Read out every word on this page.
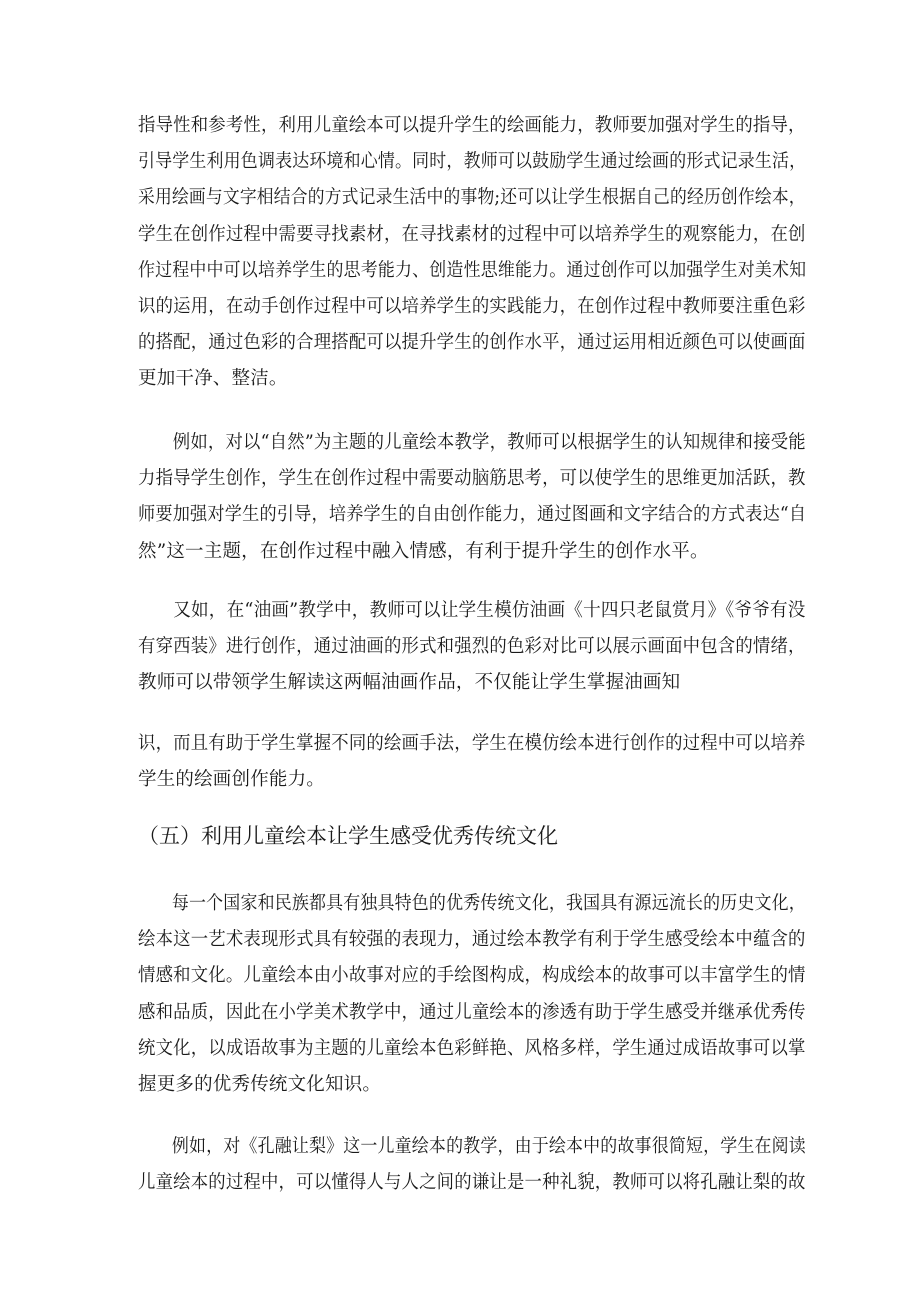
指导性和参考性，利用儿童绘本可以提升学生的绘画能力，教师要加强对学生的指导，
引导学生利用色调表达环境和心情。同时，教师可以鼓励学生通过绘画的形式记录生活，
采用绘画与文字相结合的方式记录生活中的事物;还可以让学生根据自己的经历创作绘本，
学生在创作过程中需要寻找素材，在寻找素材的过程中可以培养学生的观察能力，在创
作过程中中可以培养学生的思考能力、创造性思维能力。通过创作可以加强学生对美术知
识的运用，在动手创作过程中可以培养学生的实践能力，在创作过程中教师要注重色彩
的搭配，通过色彩的合理搭配可以提升学生的创作水平，通过运用相近颜色可以使画面
更加干净、整洁。
例如，对以“自然”为主题的儿童绘本教学，教师可以根据学生的认知规律和接受能
力指导学生创作，学生在创作过程中需要动脑筋思考，可以使学生的思维更加活跃，教
师要加强对学生的引导，培养学生的自由创作能力，通过图画和文字结合的方式表达“自
然”这一主题，在创作过程中融入情感，有利于提升学生的创作水平。
又如，在“油画”教学中，教师可以让学生模仿油画《十四只老鼠赏月》《爷爷有没
有穿西装》进行创作，通过油画的形式和强烈的色彩对比可以展示画面中包含的情绪，
教师可以带领学生解读这两幅油画作品，不仅能让学生掌握油画知
识，而且有助于学生掌握不同的绘画手法，学生在模仿绘本进行创作的过程中可以培养
学生的绘画创作能力。
（五）利用儿童绘本让学生感受优秀传统文化
每一个国家和民族都具有独具特色的优秀传统文化，我国具有源远流长的历史文化，
绘本这一艺术表现形式具有较强的表现力，通过绘本教学有利于学生感受绘本中蕴含的
情感和文化。儿童绘本由小故事对应的手绘图构成，构成绘本的故事可以丰富学生的情
感和品质，因此在小学美术教学中，通过儿童绘本的渗透有助于学生感受并继承优秀传
统文化，以成语故事为主题的儿童绘本色彩鲜艳、风格多样，学生通过成语故事可以掌
握更多的优秀传统文化知识。
例如，对《孔融让梨》这一儿童绘本的教学，由于绘本中的故事很简短，学生在阅读
儿童绘本的过程中，可以懂得人与人之间的谦让是一种礼貌，教师可以将孔融让梨的故
